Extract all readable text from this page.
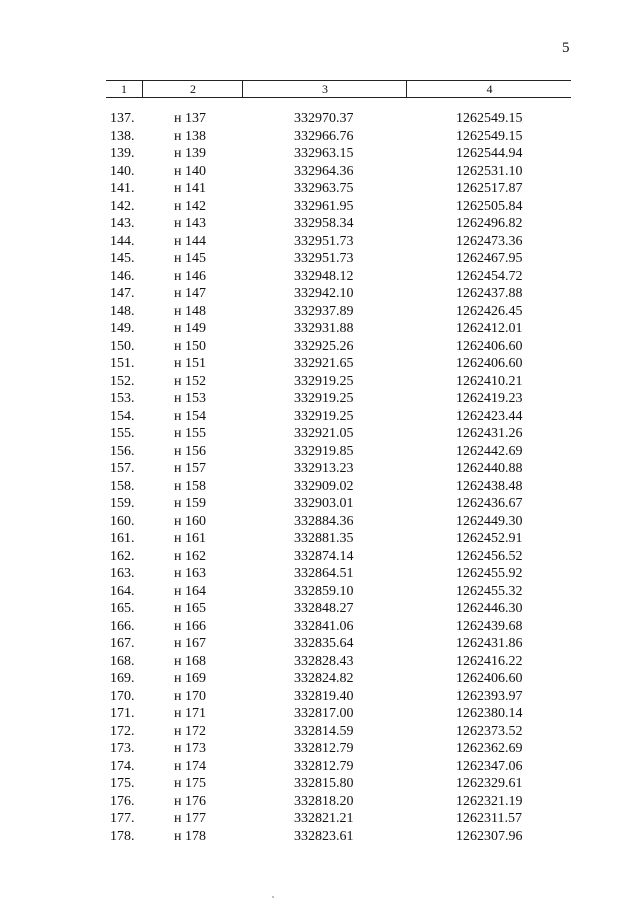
5
1	2	3	4
137.	н 137	332970.37	1262549.15
138.	н 138	332966.76	1262549.15
139.	н 139	332963.15	1262544.94
140.	н 140	332964.36	1262531.10
141.	н 141	332963.75	1262517.87
142.	н 142	332961.95	1262505.84
143.	н 143	332958.34	1262496.82
144.	н 144	332951.73	1262473.36
145.	н 145	332951.73	1262467.95
146.	н 146	332948.12	1262454.72
147.	н 147	332942.10	1262437.88
148.	н 148	332937.89	1262426.45
149.	н 149	332931.88	1262412.01
150.	н 150	332925.26	1262406.60
151.	н 151	332921.65	1262406.60
152.	н 152	332919.25	1262410.21
153.	н 153	332919.25	1262419.23
154.	н 154	332919.25	1262423.44
155.	н 155	332921.05	1262431.26
156.	н 156	332919.85	1262442.69
157.	н 157	332913.23	1262440.88
158.	н 158	332909.02	1262438.48
159.	н 159	332903.01	1262436.67
160.	н 160	332884.36	1262449.30
161.	н 161	332881.35	1262452.91
162.	н 162	332874.14	1262456.52
163.	н 163	332864.51	1262455.92
164.	н 164	332859.10	1262455.32
165.	н 165	332848.27	1262446.30
166.	н 166	332841.06	1262439.68
167.	н 167	332835.64	1262431.86
168.	н 168	332828.43	1262416.22
169.	н 169	332824.82	1262406.60
170.	н 170	332819.40	1262393.97
171.	н 171	332817.00	1262380.14
172.	н 172	332814.59	1262373.52
173.	н 173	332812.79	1262362.69
174.	н 174	332812.79	1262347.06
175.	н 175	332815.80	1262329.61
176.	н 176	332818.20	1262321.19
177.	н 177	332821.21	1262311.57
178.	н 178	332823.61	1262307.96
